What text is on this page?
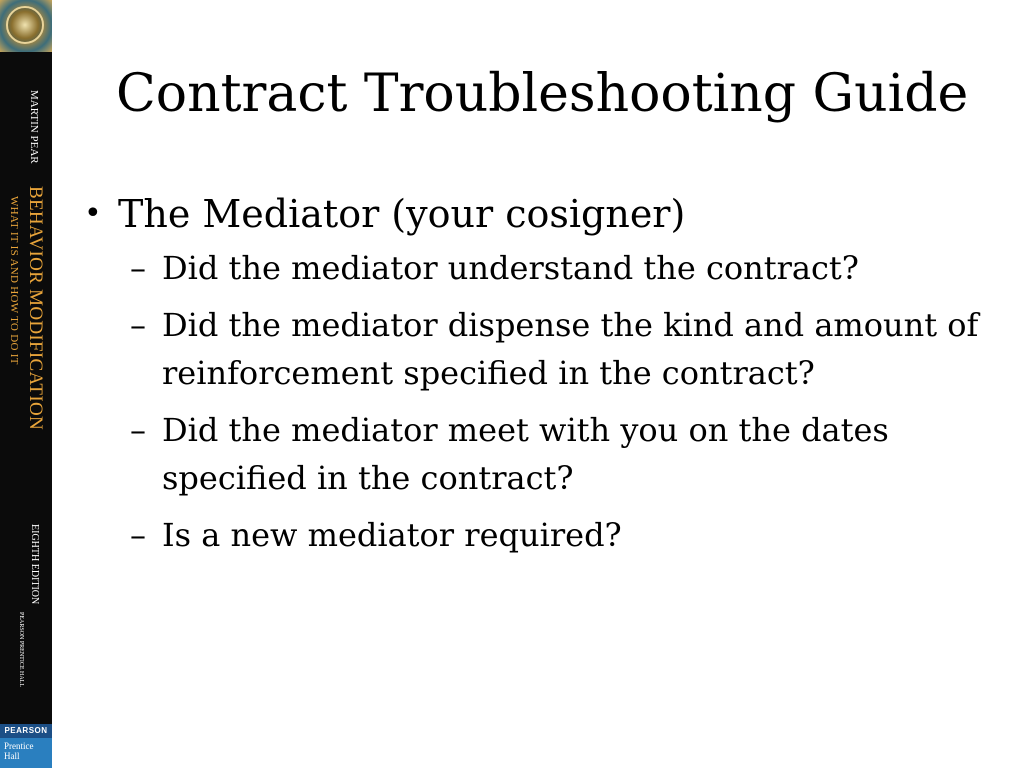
MARTIN PEAR
BEHAVIOR MODIFICATION
WHAT IT IS AND HOW TO DO IT
EIGHTH EDITION
PEARSON PRENTICE HALL
PEARSON
Prentice Hall
Contract Troubleshooting Guide
• The Mediator (your cosigner)
– Did the mediator understand the contract?
– Did the mediator dispense the kind and amount of reinforcement specified in the contract?
– Did the mediator meet with you on the dates specified in the contract?
– Is a new mediator required?
